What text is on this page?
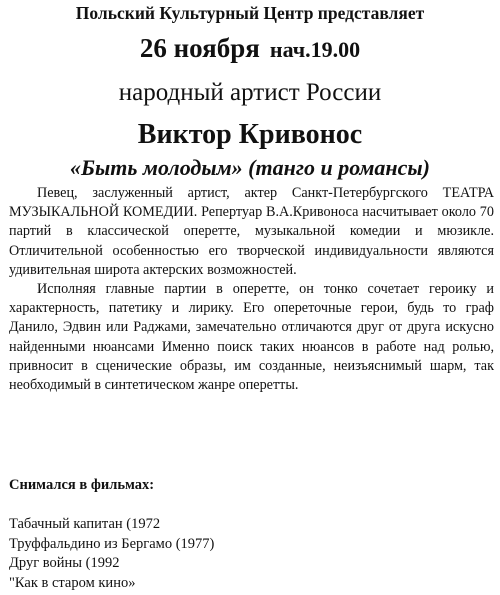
Польский Культурный Центр представляет
26 ноября нач.19.00
народный артист России
Виктор Кривонос
«Быть молодым» (танго и романсы)

Певец, заслуженный артист, актер Санкт-Петербургского ТЕАТРА МУЗЫКАЛЬНОЙ КОМЕДИИ. Репертуар В.А.Кривоноса насчитывает около 70 партий в классической оперетте, музыкальной комедии и мюзикле. Отличительной особенностью его творческой индивидуальности являются удивительная широта актерских возможностей.

Исполняя главные партии в оперетте, он тонко сочетает героику и характерность, патетику и лирику. Его опереточные герои, будь то граф Данило, Эдвин или Раджами, замечательно отличаются друг от друга искусно найденными нюансами Именно поиск таких нюансов в работе над ролью, привносит в сценические образы, им созданные, неизъяснимый шарм, так необходимый в синтетическом жанре оперетты.

Снимался в фильмах:
Табачный капитан (1972
Труффальдино из Бергамо (1977)
Друг войны (1992
"Как в старом кино»
